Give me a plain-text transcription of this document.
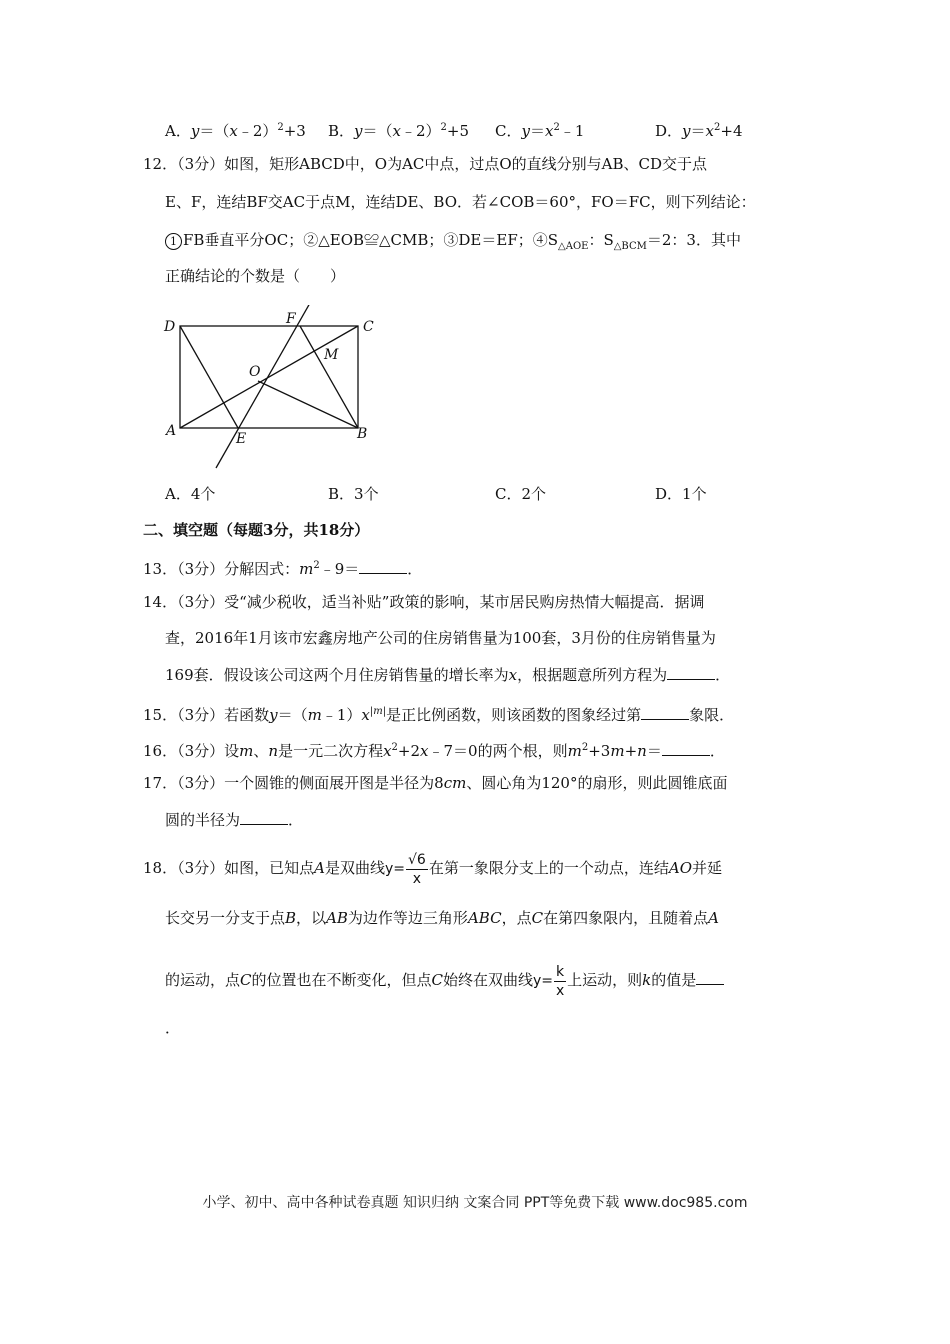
A．y＝（x﹣2）$^2$+3 B．y＝（x﹣2）$^2$+5 C．$y=x^2﹣1$	D．$y=x^2+4$
12．（3分）如图，矩形ABCD中，O为AC中点，过点O的直线分别与AB、CD交于点
E、F，连结BF交AC于点M，连结DE、BO．若∠COB＝60°，FO＝FC，则下列结论：
1 FB垂直平分OC；②△EOB≌△CMB；③DE＝EF；$④S_{\triangle AOE}$：$S_{\triangle BCM}=2$：3．其中
正确结论的个数是（　　）
D	F	C
M
O
A	E	B
A．4个	B．3个	C．2个	D．1个
二、填空题（每题3分，共18分）
13．（3分）分解因式：$m^2﹣9=$	．
14．（3分）受“减少税收，适当补贴”政策的影响，某市居民购房热情大幅提高．据调
查，2016年1月该市宏鑫房地产公司的住房销售量为100套，3月份的住房销售量为
169套．假设该公司这两个月住房销售量的增长率为x，根据题意所列方程为	．
15．（3分）若函数$y=(m﹣1)x^{|m|}$是正比例函数，则该函数的图象经过第	象限．
16．（3分）设m、n是一元二次方程$x^2+2x﹣7=0$的两个根，则$m^2+3m+n=$	．
17．（3分）一个圆锥的侧面展开图是半径为8cm、圆心角为120°的扇形，则此圆锥底面
圆的半径为	．
18．（3分）如图，已知点A是双曲线$y= \frac{√6}{x}$ 在第一象限分支上的一个动点，连结AO并延
长交另一分支于点B，以AB为边作等边三角形ABC，点C在第四象限内，且随着点A
的运动，点C的位置也在不断变化，但点C始终在双曲线$y= \frac{k}{x}$ 上运动，则k的值是
．
小学、初中、高中各种试卷真题 知识归纳 文案合同 PPT等免费下载 www.doc985.com
